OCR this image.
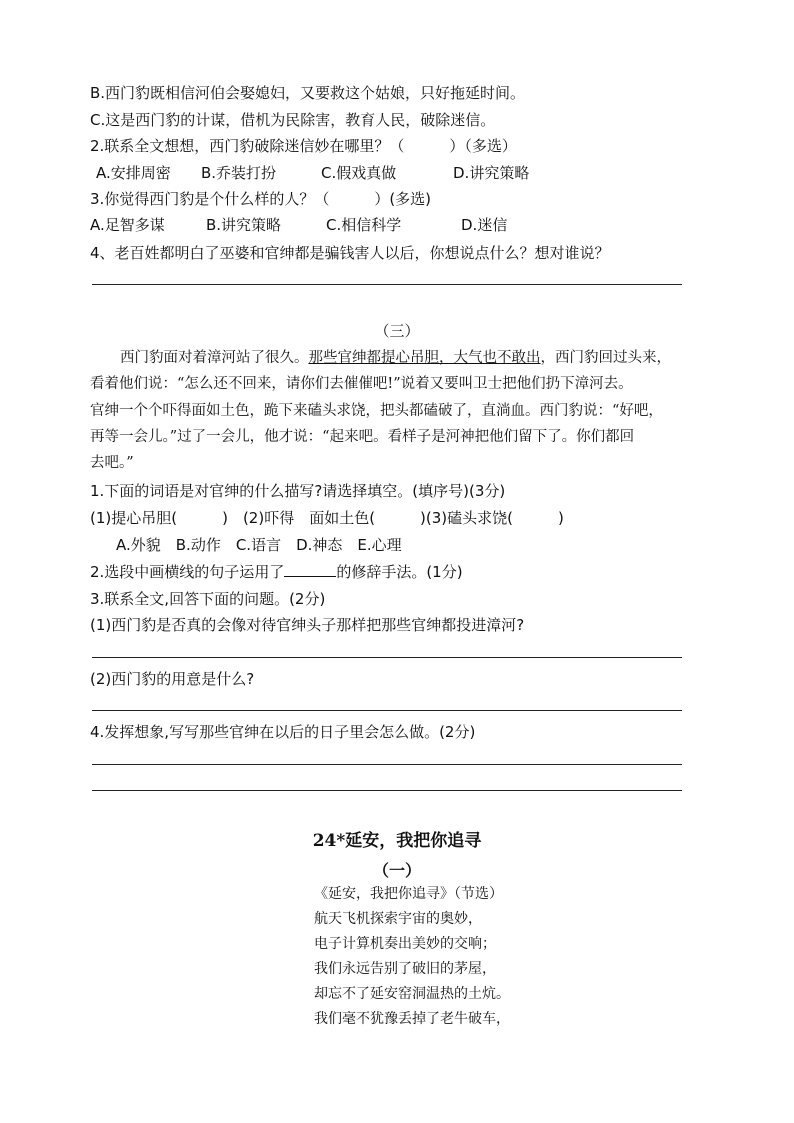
B.西门豹既相信河伯会娶媳妇，又要救这个姑娘，只好拖延时间。
C.这是西门豹的计谋，借机为民除害，教育人民，破除迷信。
2.联系全文想想，西门豹破除迷信妙在哪里？（　　　）（多选）
A.安排周密 B.乔装打扮	C.假戏真做	D.讲究策略
3.你觉得西门豹是个什么样的人？（　　　）(多选)
A.足智多谋	B.讲究策略	C.相信科学	D.迷信
4、老百姓都明白了巫婆和官绅都是骗钱害人以后，你想说点什么？想对谁说？
（三）
西门豹面对着漳河站了很久。那些官绅都提心吊胆，大气也不敢出，西门豹回过头来，
看着他们说：“怎么还不回来，请你们去催催吧!”说着又要叫卫士把他们扔下漳河去。
官绅一个个吓得面如土色，跪下来磕头求饶，把头都磕破了，直淌血。西门豹说：“好吧，
再等一会儿。”过了一会儿，他才说：“起来吧。看样子是河神把他们留下了。你们都回
去吧。”
1.下面的词语是对官绅的什么描写?请选择填空。(填序号)(3分)
(1)提心吊胆(　　　)　(2)吓得　面如土色(　　　)(3)磕头求饶(　　　)
A.外貌　B.动作　C.语言　D.神态　E.心理
2.选段中画横线的句子运用了	的修辞手法。(1分)
3.联系全文,回答下面的问题。(2分)
(1)西门豹是否真的会像对待官绅头子那样把那些官绅都投进漳河?
(2)西门豹的用意是什么?
4.发挥想象,写写那些官绅在以后的日子里会怎么做。(2分)
24*延安，我把你追寻
（一）
《延安，我把你追寻》（节选）
航天飞机探索宇宙的奥妙，
电子计算机奏出美妙的交响；
我们永远告别了破旧的茅屋，
却忘不了延安窑洞温热的土炕。
我们毫不犹豫丢掉了老牛破车，
